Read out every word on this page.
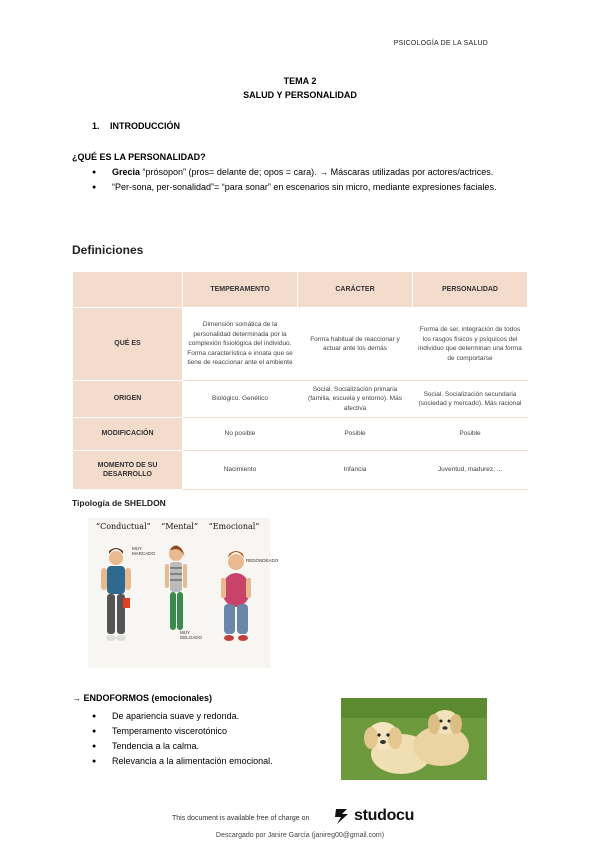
PSICOLOGÍA DE LA SALUD
TEMA 2
SALUD Y PERSONALIDAD
1. INTRODUCCIÓN
¿QUÉ ES LA PERSONALIDAD?
● Grecia “prósopon” (pros= delante de; opos = cara). → Máscaras utilizadas por actores/actrices.
● “Per-sona, per-sonalidad”= “para sonar” en escenarios sin micro, mediante expresiones faciales.
Definiciones
	TEMPERAMENTO	CARÁCTER	PERSONALIDAD
QUÉ ES	Dimensión somática de la personalidad determinada por la complexión fisiológica del individuo. Forma característica e innata que se tiene de reaccionar ante el ambiente	Forma habitual de reaccionar y actuar ante los demás	Forma de ser, integración de todos los rasgos físicos y psíquicos del individuo que determinan una forma de comportarse
ORIGEN	Biológico. Genético	Social. Socialización primaria (familia, escuela y entorno). Más afectiva	Social. Socialización secundaria (sociedad y mercado). Más racional
MODIFICACIÓN	No posible	Posible	Posible
MOMENTO DE SU DESARROLLO	Nacimiento	Infancia	Juventud, madurez, ...
Tipología de SHELDON
“Conductual” “Mental” “Emocional”
MUY MARCADO
MUY DELGADO
REDONDEADO
→ ENDOFORMOS (emocionales)
● De apariencia suave y redonda.
● Temperamento viscerotónico
● Tendencia a la calma.
● Relevancia a la alimentación emocional.
This document is available free of charge on	studocu
Descargado por Janire García (janireg00@gmail.com)
